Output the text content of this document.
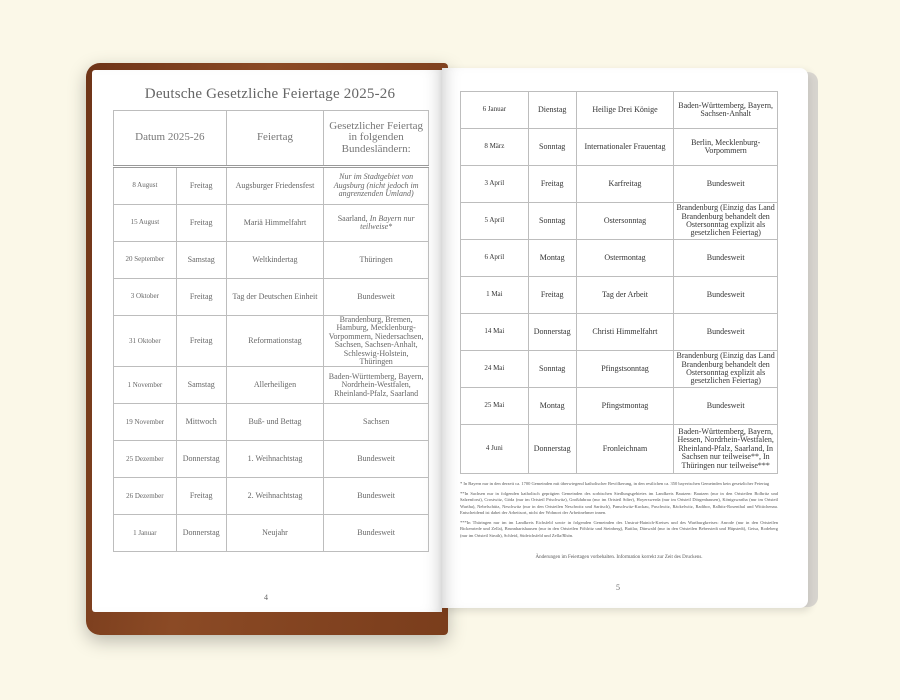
Deutsche Gesetzliche Feiertage 2025-26
Datum 2025-26		Feiertag	Gesetzlicher Feiertag in folgenden Bundesländern:
8 August	Freitag	Augsburger Friedensfest	Nur im Stadtgebiet von Augsburg (nicht jedoch im angrenzenden Umland)
15 August	Freitag	Mariä Himmelfahrt	Saarland, In Bayern nur teilweise*
20 September	Samstag	Weltkindertag	Thüringen
3 Oktober	Freitag	Tag der Deutschen Einheit	Bundesweit
31 Oktober	Freitag	Reformationstag	Brandenburg, Bremen, Hamburg, Mecklenburg-Vorpommern, Niedersachsen, Sachsen, Sachsen-Anhalt, Schleswig-Holstein, Thüringen
1 November	Samstag	Allerheiligen	Baden-Württemberg, Bayern, Nordrhein-Westfalen, Rheinland-Pfalz, Saarland
19 November	Mittwoch	Buß- und Bettag	Sachsen
25 Dezember	Donnerstag	1. Weihnachtstag	Bundesweit
26 Dezember	Freitag	2. Weihnachtstag	Bundesweit
1 Januar	Donnerstag	Neujahr	Bundesweit
6 Januar	Dienstag	Heilige Drei Könige	Baden-Württemberg, Bayern, Sachsen-Anhalt
8 März	Sonntag	Internationaler Frauentag	Berlin, Mecklenburg-Vorpommern
3 April	Freitag	Karfreitag	Bundesweit
5 April	Sonntag	Ostersonntag	Brandenburg (Einzig das Land Brandenburg behandelt den Ostersonntag explizit als gesetzlichen Feiertag)
6 April	Montag	Ostermontag	Bundesweit
1 Mai	Freitag	Tag der Arbeit	Bundesweit
14 Mai	Donnerstag	Christi Himmelfahrt	Bundesweit
24 Mai	Sonntag	Pfingstsonntag	Brandenburg (Einzig das Land Brandenburg behandelt den Ostersonntag explizit als gesetzlichen Feiertag)
25 Mai	Montag	Pfingstmontag	Bundesweit
4 Juni	Donnerstag	Fronleichnam	Baden-Württemberg, Bayern, Hessen, Nordrhein-Westfalen, Rheinland-Pfalz, Saarland, In Sachsen nur teilweise**, In Thüringen nur teilweise***

* In Bayern nur in den derzeit ca. 1700 Gemeinden mit überwiegend katholischer Bevölkerung, in den restlichen ca. 350 bayerischen Gemeinden kein gesetzlicher Feiertag

**In Sachsen nur in folgenden katholisch geprägten Gemeinden des sorbischen Siedlungsgebietes im Landkreis Bautzen: Bautzen (nur in den Ortsteilen Bolbritz und Salzenforst), Crostwitz, Göda (nur im Ortsteil Prischwitz), Großdubrau (nur im Ortsteil Sdier), Hoyerswerda (nur im Ortsteil Dörgenhausen), Königswartha (nur im Ortsteil Wartha), Nebelschütz, Neschwitz (nur in den Ortsteilen Neschwitz und Saritsch), Panschwitz-Kuckau, Puschwitz, Räckelwitz, Radibor, Ralbitz-Rosenthal und Wittichenau. Entscheidend ist dabei der Arbeitsort, nicht der Wohnort der Arbeitnehmer innen.

***In Thüringen nur im im Landkreis Eichsfeld sowie in folgenden Gemeinden des Unstrut-Hainich-Kreises und des Wartburgkreises: Anrode (nur in den Ortsteilen Bickenriede und Zella), Brunnhartshausen (nur in den Ortsteilen Föhlritz und Steinberg), Buttlar, Dünwald (nur in den Ortsteilen Beberstedt und Hüpstedt), Geisa, Rodeberg (nur im Ortsteil Struth), Schleid, Südeichsfeld und Zella/Rhön.

Änderungen im Feiertagen vorbehalten. Information korrekt zur Zeit des Druckens.
4
5
